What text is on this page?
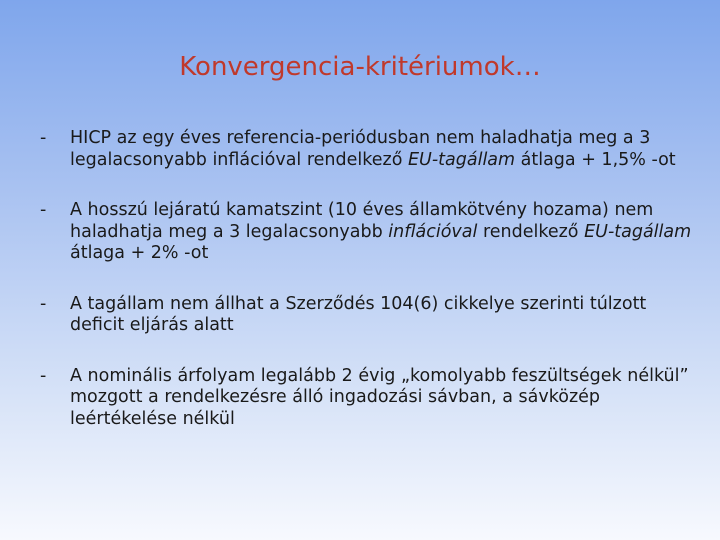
Konvergencia-kritériumok…
- HICP az egy éves referencia-periódusban nem haladhatja meg a 3 legalacsonyabb inflációval rendelkező EU-tagállam átlaga + 1,5% -ot
- A hosszú lejáratú kamatszint (10 éves államkötvény hozama) nem haladhatja meg a 3 legalacsonyabb inflációval rendelkező EU-tagállam átlaga + 2% -ot
- A tagállam nem állhat a Szerződés 104(6) cikkelye szerinti túlzott deficit eljárás alatt
- A nominális árfolyam legalább 2 évig „komolyabb feszültségek nélkül” mozgott a rendelkezésre álló ingadozási sávban, a sávközép leértékelése nélkül
